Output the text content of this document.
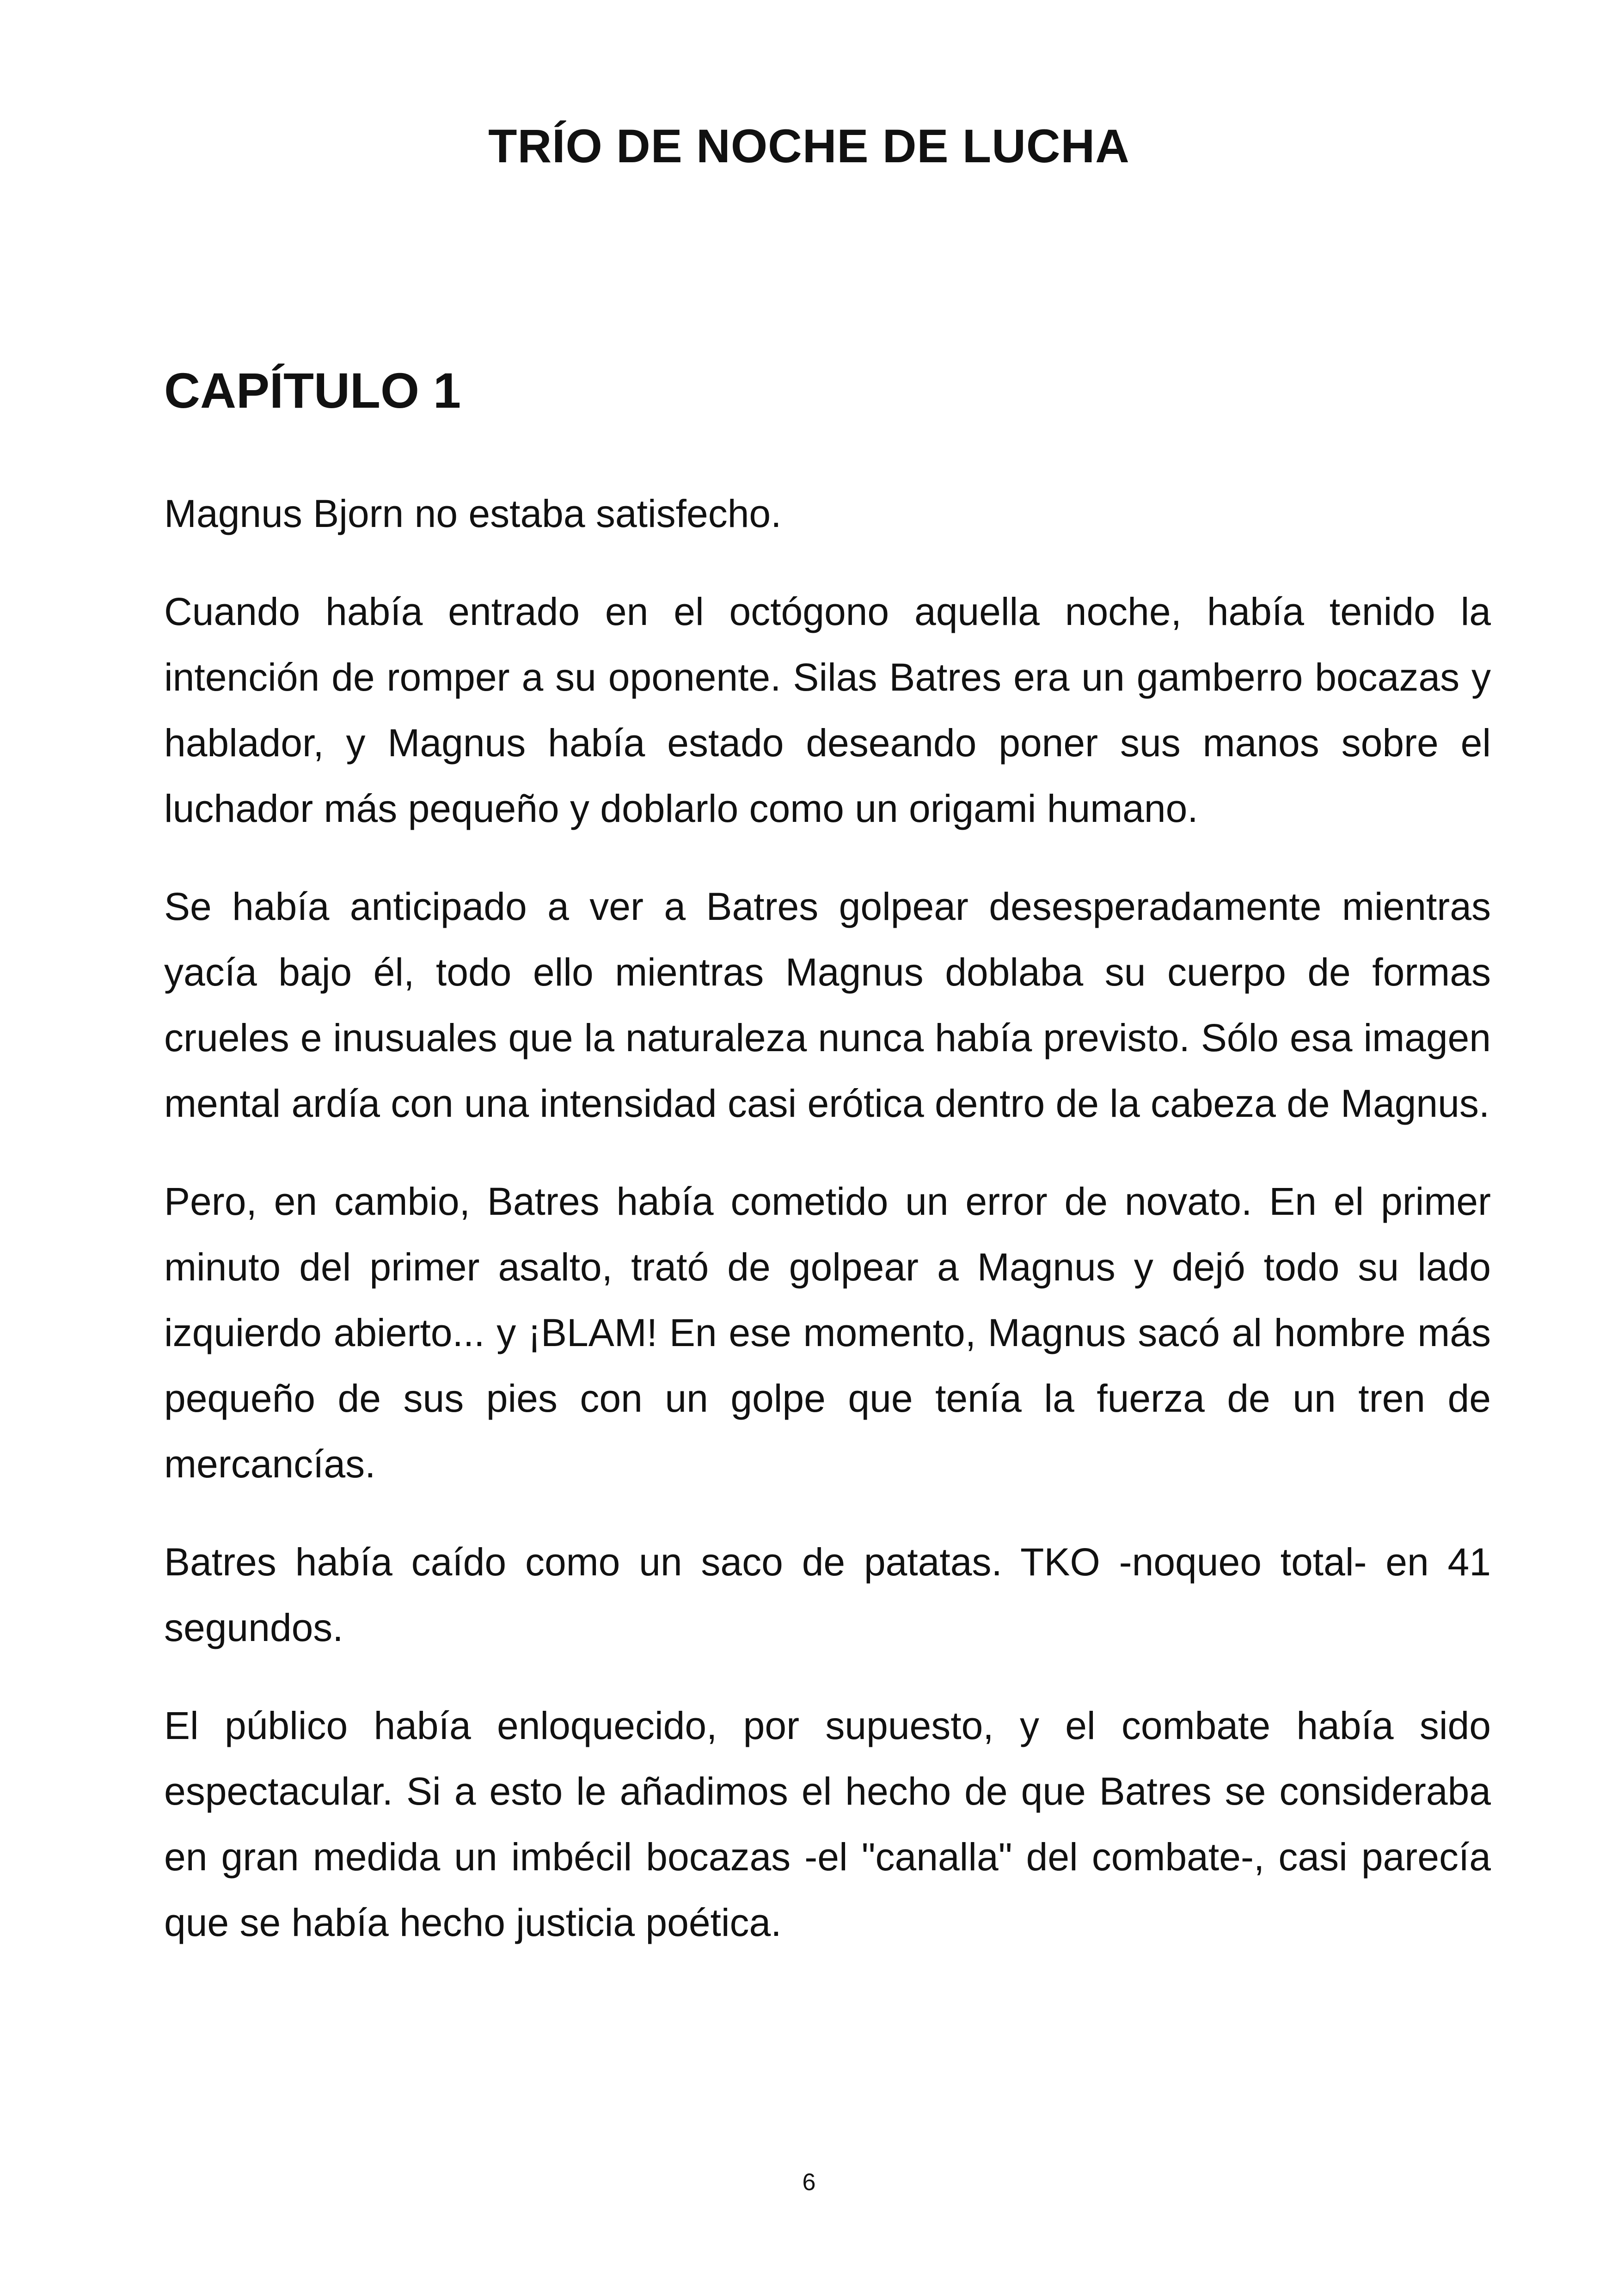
TRÍO DE NOCHE DE LUCHA
CAPÍTULO 1

Magnus Bjorn no estaba satisfecho.

Cuando había entrado en el octógono aquella noche, había tenido la intención de romper a su oponente. Silas Batres era un gamberro bocazas y hablador, y Magnus había estado deseando poner sus manos sobre el luchador más pequeño y doblarlo como un origami humano.

Se había anticipado a ver a Batres golpear desesperadamente mientras yacía bajo él, todo ello mientras Magnus doblaba su cuerpo de formas crueles e inusuales que la naturaleza nunca había previsto. Sólo esa imagen mental ardía con una intensidad casi erótica dentro de la cabeza de Magnus.

Pero, en cambio, Batres había cometido un error de novato. En el primer minuto del primer asalto, trató de golpear a Magnus y dejó todo su lado izquierdo abierto... y ¡BLAM! En ese momento, Magnus sacó al hombre más pequeño de sus pies con un golpe que tenía la fuerza de un tren de mercancías.

Batres había caído como un saco de patatas. TKO -noqueo total- en 41 segundos.

El público había enloquecido, por supuesto, y el combate había sido espectacular. Si a esto le añadimos el hecho de que Batres se consideraba en gran medida un imbécil bocazas -el "canalla" del combate-, casi parecía que se había hecho justicia poética.

6
